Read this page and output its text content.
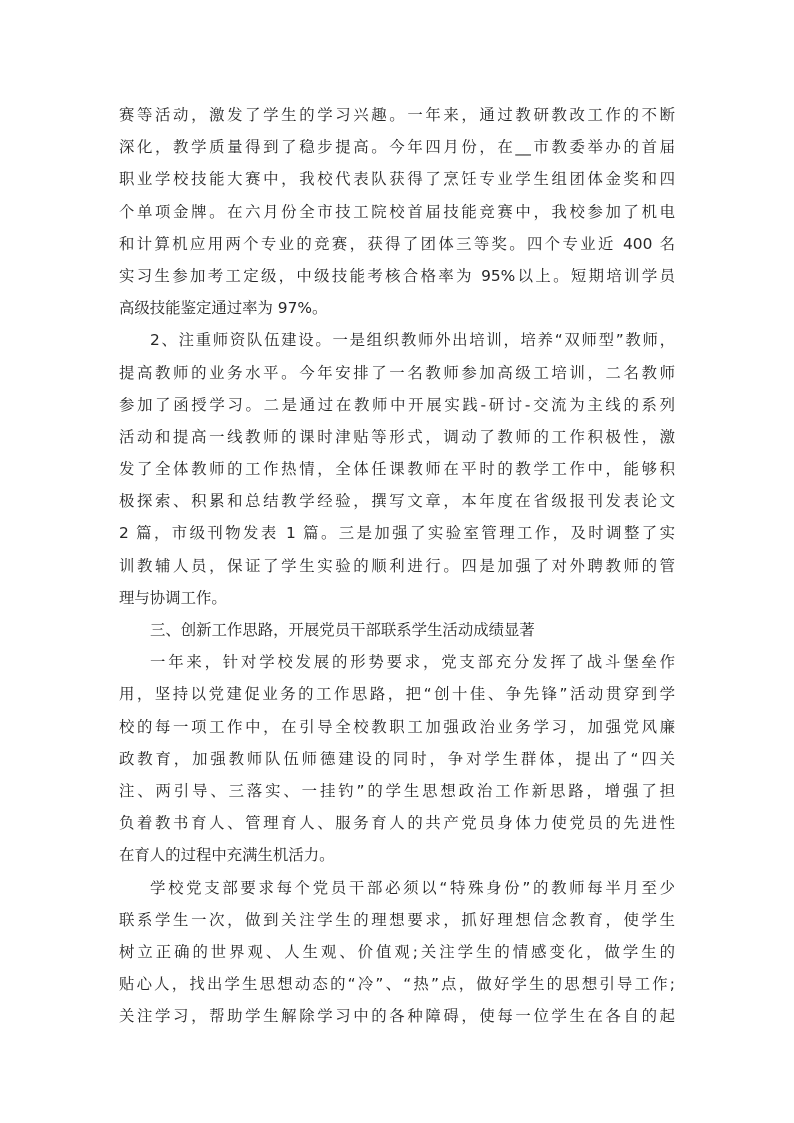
赛等活动，激发了学生的学习兴趣。一年来，通过教研教改工作的不断
深化，教学质量得到了稳步提高。今年四月份，在__市教委举办的首届
职业学校技能大赛中，我校代表队获得了烹饪专业学生组团体金奖和四
个单项金牌。在六月份全市技工院校首届技能竞赛中，我校参加了机电
和计算机应用两个专业的竞赛，获得了团体三等奖。四个专业近 400 名
实习生参加考工定级，中级技能考核合格率为 95%以上。短期培训学员
高级技能鉴定通过率为 97%。

2、注重师资队伍建设。一是组织教师外出培训，培养“双师型”教师，
提高教师的业务水平。今年安排了一名教师参加高级工培训，二名教师
参加了函授学习。二是通过在教师中开展实践-研讨-交流为主线的系列
活动和提高一线教师的课时津贴等形式，调动了教师的工作积极性，激
发了全体教师的工作热情，全体任课教师在平时的教学工作中，能够积
极探索、积累和总结教学经验，撰写文章，本年度在省级报刊发表论文
2 篇，市级刊物发表 1 篇。三是加强了实验室管理工作，及时调整了实
训教辅人员，保证了学生实验的顺利进行。四是加强了对外聘教师的管
理与协调工作。

三、创新工作思路，开展党员干部联系学生活动成绩显著

一年来，针对学校发展的形势要求，党支部充分发挥了战斗堡垒作
用，坚持以党建促业务的工作思路，把“创十佳、争先锋”活动贯穿到学
校的每一项工作中，在引导全校教职工加强政治业务学习，加强党风廉
政教育，加强教师队伍师德建设的同时，争对学生群体，提出了“四关
注、两引导、三落实、一挂钓”的学生思想政治工作新思路，增强了担
负着教书育人、管理育人、服务育人的共产党员身体力使党员的先进性
在育人的过程中充满生机活力。

学校党支部要求每个党员干部必须以“特殊身份”的教师每半月至少
联系学生一次，做到关注学生的理想要求，抓好理想信念教育，使学生
树立正确的世界观、人生观、价值观;关注学生的情感变化，做学生的
贴心人，找出学生思想动态的“冷”、“热”点，做好学生的思想引导工作;
关注学习，帮助学生解除学习中的各种障碍，使每一位学生在各自的起
